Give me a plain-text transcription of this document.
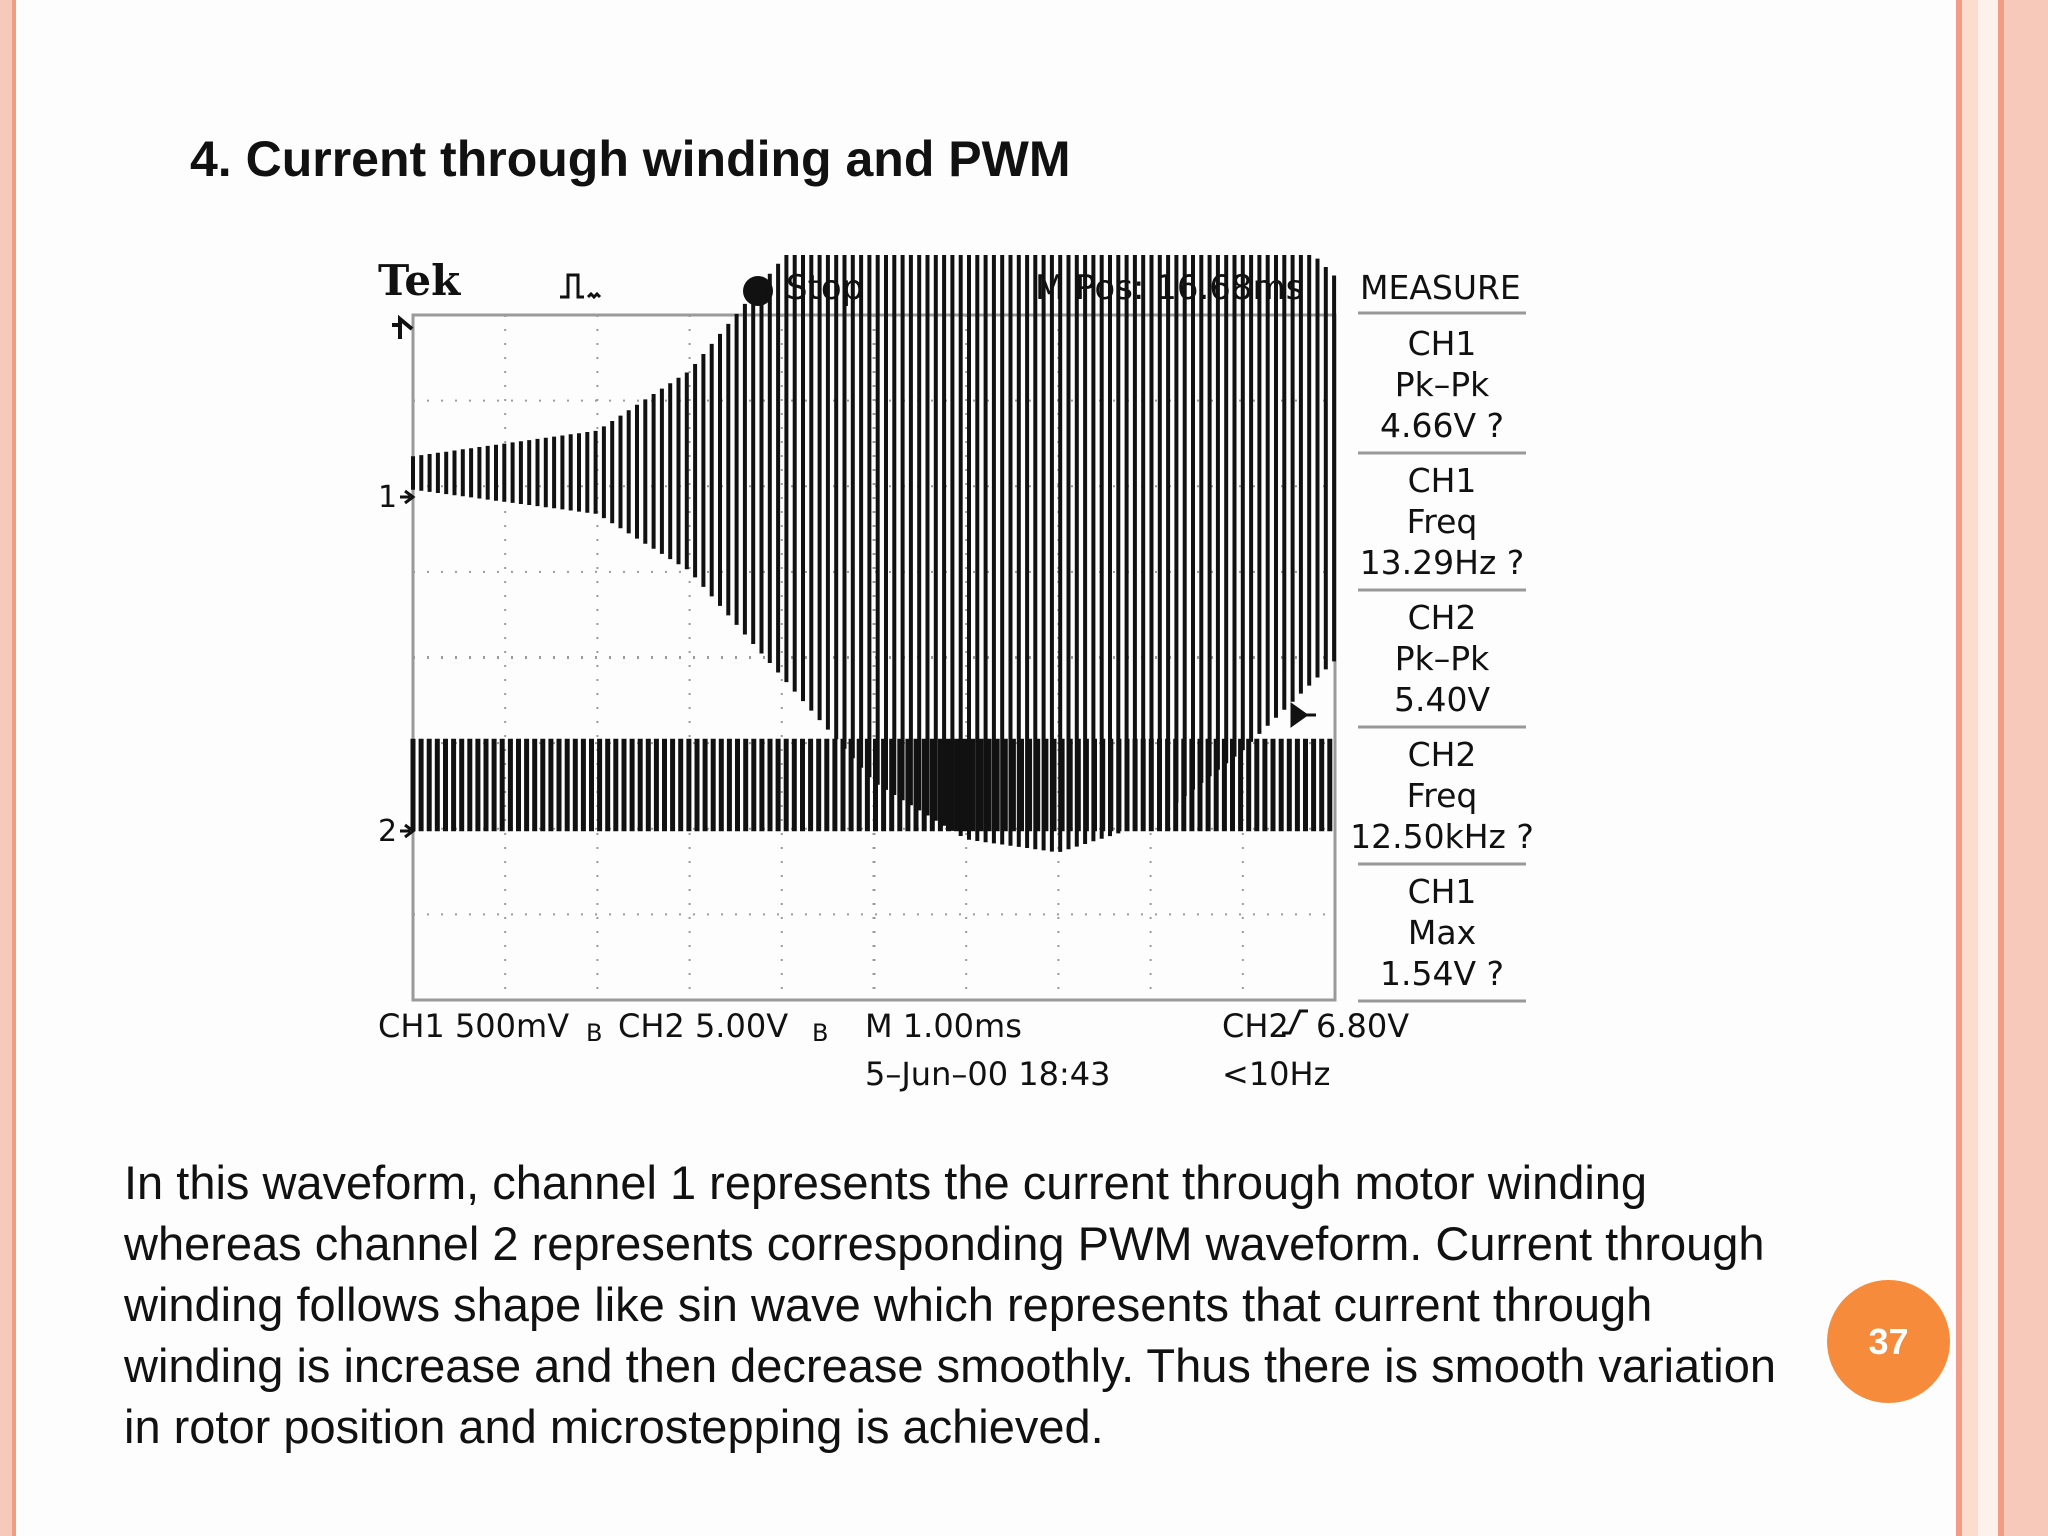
4. Current through winding and PWM
Tek	Stop	M Pos: 16.68ms MEASURE
1
2
CH1
Pk–Pk
4.66V ?
CH1
Freq
13.29Hz ?
CH2
Pk–Pk
5.40V
CH2
Freq
12.50kHz ?
CH1
Max
1.54V ?
CH1 500mV B CH2 5.00V B M 1.00ms
5–Jun–00 18:43
CH2 6.80V
<10Hz

In this waveform, channel 1 represents the current through motor winding whereas channel 2 represents corresponding PWM waveform. Current through winding follows shape like sin wave which represents that current through winding is increase and then decrease smoothly. Thus there is smooth variation in rotor position and microstepping is achieved.

37
